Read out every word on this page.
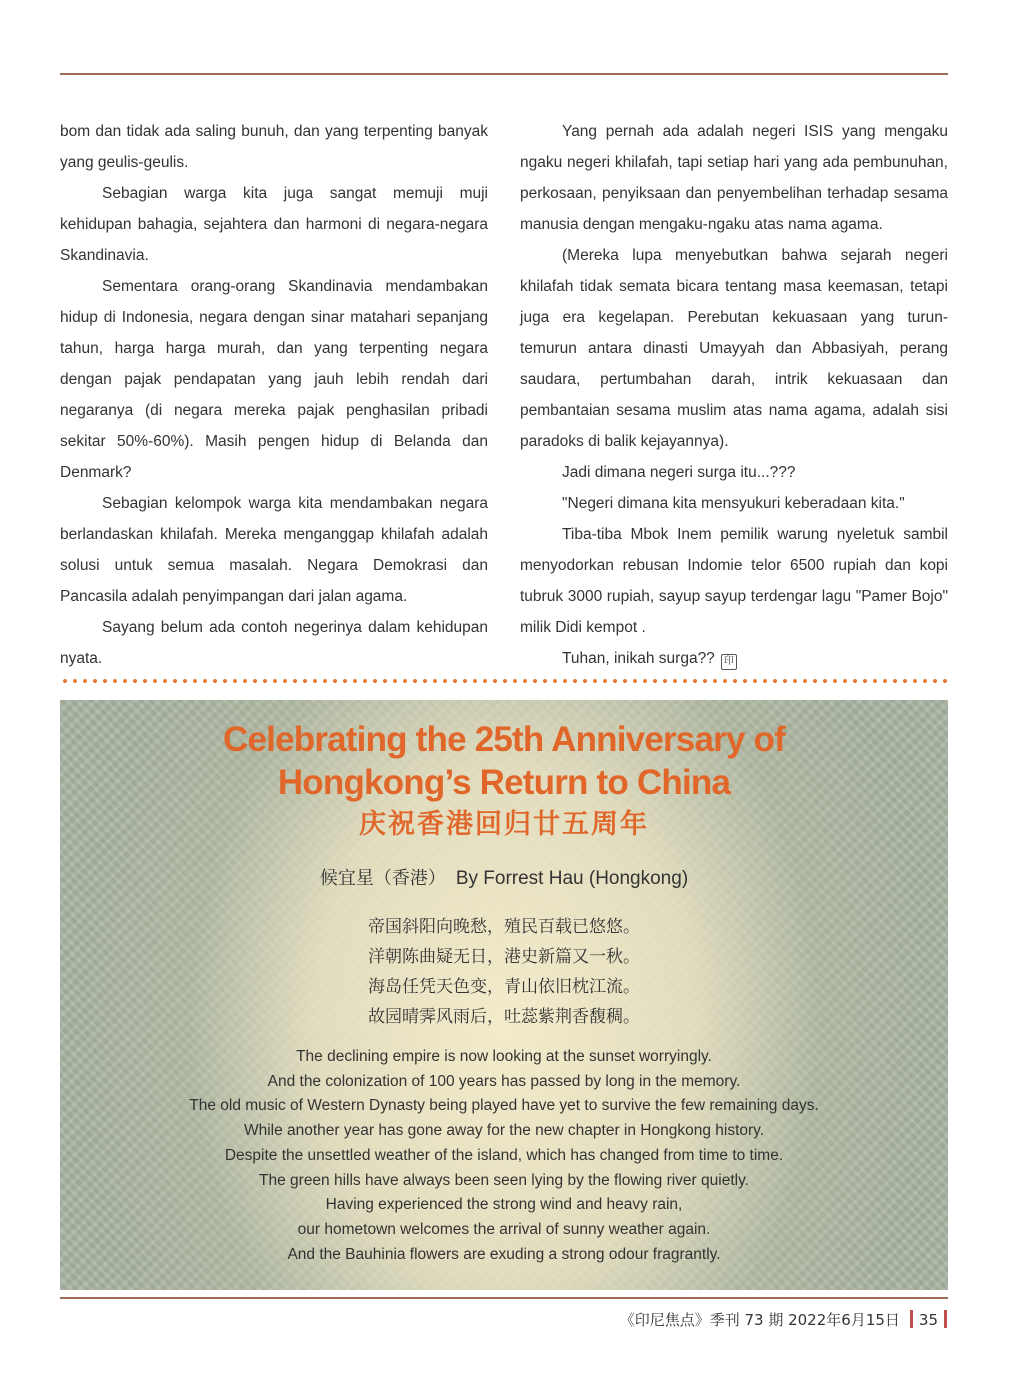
bom dan tidak ada saling bunuh, dan yang terpenting banyak yang geulis-geulis.

Sebagian warga kita juga sangat memuji muji kehidupan bahagia, sejahtera dan harmoni di negara-negara Skandinavia.

Sementara orang-orang Skandinavia mendambakan hidup di Indonesia, negara dengan sinar matahari sepanjang tahun, harga harga murah, dan yang terpenting negara dengan pajak pendapatan yang jauh lebih rendah dari negaranya (di negara mereka pajak penghasilan pribadi sekitar 50%-60%). Masih pengen hidup di Belanda dan Denmark?

Sebagian kelompok warga kita mendambakan negara berlandaskan khilafah. Mereka menganggap khilafah adalah solusi untuk semua masalah. Negara Demokrasi dan Pancasila adalah penyimpangan dari jalan agama.

Sayang belum ada contoh negerinya dalam kehidupan nyata.

Yang pernah ada adalah negeri ISIS yang mengaku ngaku negeri khilafah, tapi setiap hari yang ada pembunuhan, perkosaan, penyiksaan dan penyembelihan terhadap sesama manusia dengan mengaku-ngaku atas nama agama.

(Mereka lupa menyebutkan bahwa sejarah negeri khilafah tidak semata bicara tentang masa keemasan, tetapi juga era kegelapan. Perebutan kekuasaan yang turun-temurun antara dinasti Umayyah dan Abbasiyah, perang saudara, pertumbahan darah, intrik kekuasaan dan pembantaian sesama muslim atas nama agama, adalah sisi paradoks di balik kejayannya).

Jadi dimana negeri surga itu...???

"Negeri dimana kita mensyukuri keberadaan kita."

Tiba-tiba Mbok Inem pemilik warung nyeletuk sambil menyodorkan rebusan Indomie telor 6500 rupiah dan kopi tubruk 3000 rupiah, sayup sayup terdengar lagu "Pamer Bojo" milik Didi kempot .

Tuhan, inikah surga?? 印

Celebrating the 25th Anniversary of
Hongkong’s Return to China
庆祝香港回归廿五周年
候宜星（香港） By Forrest Hau (Hongkong)
帝国斜阳向晚愁，殖民百载已悠悠。
洋朝陈曲疑无日，港史新篇又一秋。
海岛任凭天色变，青山依旧枕江流。
故园晴霁风雨后，吐蕊紫荆香馥稠。
The declining empire is now looking at the sunset worryingly.
And the colonization of 100 years has passed by long in the memory.
The old music of Western Dynasty being played have yet to survive the few remaining days.
While another year has gone away for the new chapter in Hongkong history.
Despite the unsettled weather of the island, which has changed from time to time.
The green hills have always been seen lying by the flowing river quietly.
Having experienced the strong wind and heavy rain,
our hometown welcomes the arrival of sunny weather again.
And the Bauhinia flowers are exuding a strong odour fragrantly.
《印尼焦点》季刊 73 期 2022年6月15日 35
